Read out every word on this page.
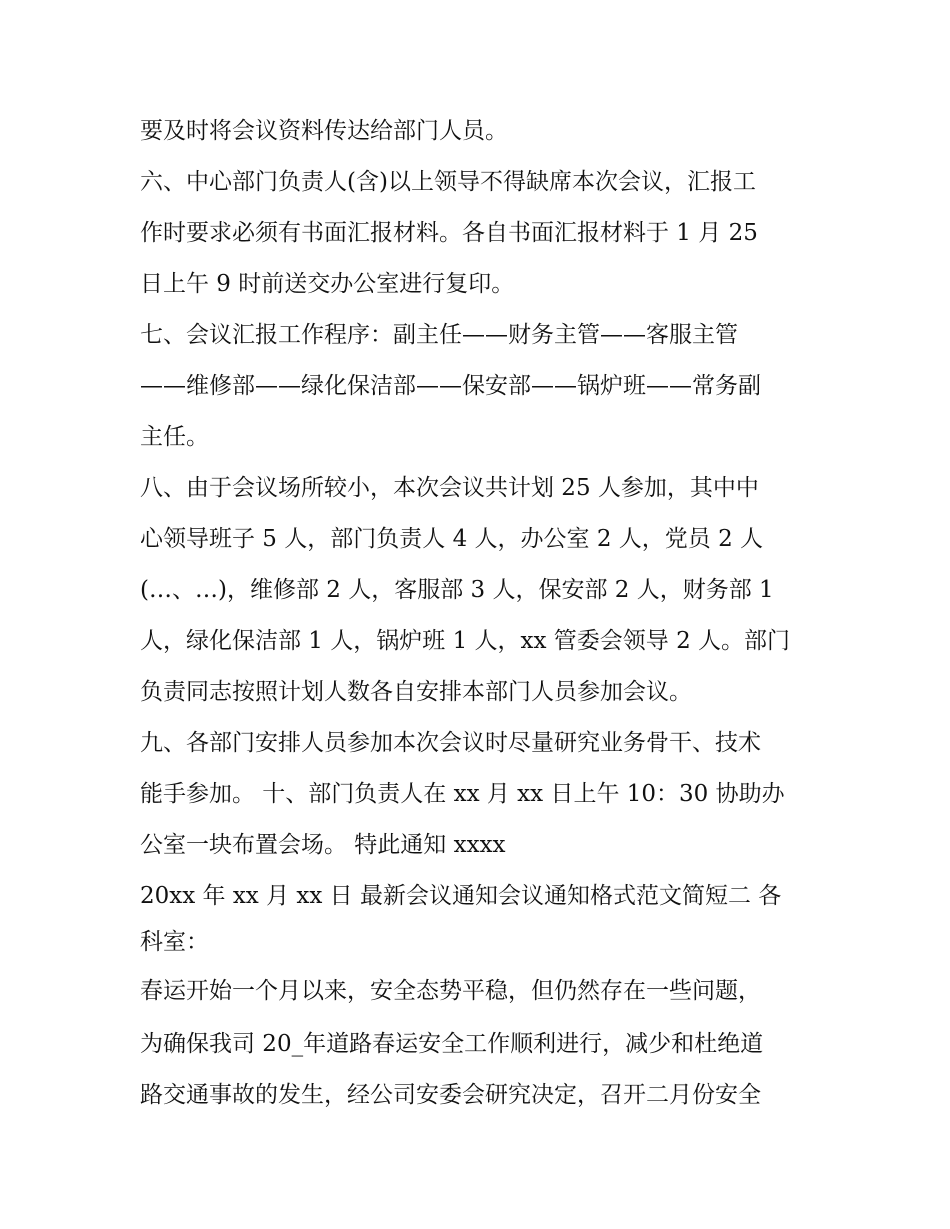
要及时将会议资料传达给部门人员。
六、中心部门负责人(含)以上领导不得缺席本次会议，汇报工
作时要求必须有书面汇报材料。各自书面汇报材料于 1 月 25
日上午 9 时前送交办公室进行复印。
七、会议汇报工作程序：副主任——财务主管——客服主管
——维修部——绿化保洁部——保安部——锅炉班——常务副
主任。
八、由于会议场所较小，本次会议共计划 25 人参加，其中中
心领导班子 5 人，部门负责人 4 人，办公室 2 人，党员 2 人
(…、…)，维修部 2 人，客服部 3 人，保安部 2 人，财务部 1
人，绿化保洁部 1 人，锅炉班 1 人，xx 管委会领导 2 人。部门
负责同志按照计划人数各自安排本部门人员参加会议。
九、各部门安排人员参加本次会议时尽量研究业务骨干、技术
能手参加。 十、部门负责人在 xx 月 xx 日上午 10：30 协助办
公室一块布置会场。 特此通知 xxxx
20xx 年 xx 月 xx 日 最新会议通知会议通知格式范文简短二 各
科室：
春运开始一个月以来，安全态势平稳，但仍然存在一些问题，
为确保我司 20_年道路春运安全工作顺利进行，减少和杜绝道
路交通事故的发生，经公司安委会研究决定，召开二月份安全
